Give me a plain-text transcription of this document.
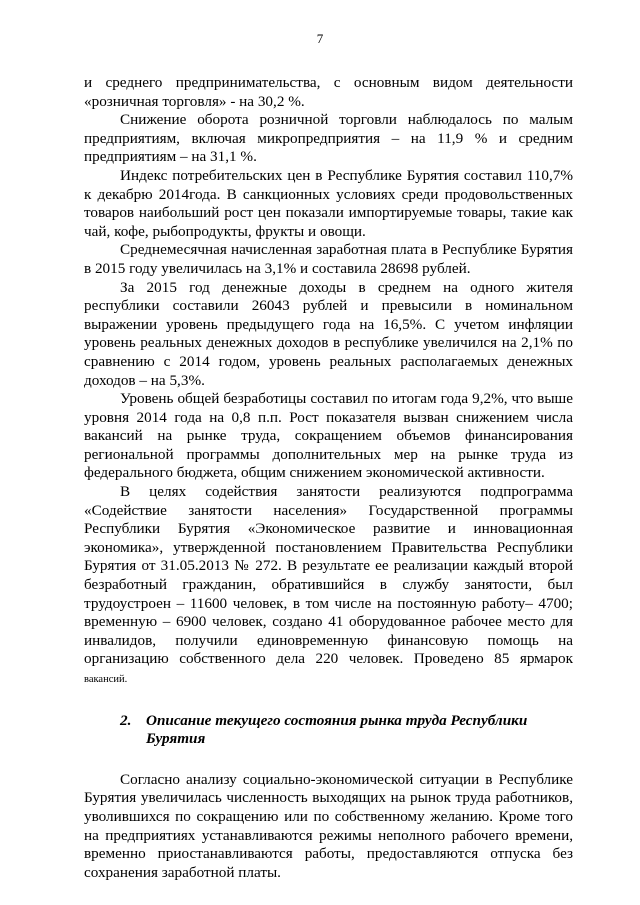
7

и среднего предпринимательства, с основным видом деятельности «розничная торговля» - на 30,2 %.

Снижение оборота розничной торговли наблюдалось по малым предприятиям, включая микропредприятия – на 11,9 % и средним предприятиям – на 31,1 %.

Индекс потребительских цен в Республике Бурятия составил 110,7% к декабрю 2014года. В санкционных условиях среди продовольственных товаров наибольший рост цен показали импортируемые товары, такие как чай, кофе, рыбопродукты, фрукты и овощи.

Среднемесячная начисленная заработная плата в Республике Бурятия в 2015 году увеличилась на 3,1% и составила 28698 рублей.

За 2015 год денежные доходы в среднем на одного жителя республики составили 26043 рублей и превысили в номинальном выражении уровень предыдущего года на 16,5%. С учетом инфляции уровень реальных денежных доходов в республике увеличился на 2,1% по сравнению с 2014 годом, уровень реальных располагаемых денежных доходов – на 5,3%.

Уровень общей безработицы составил по итогам года 9,2%, что выше уровня 2014 года на 0,8 п.п. Рост показателя вызван снижением числа вакансий на рынке труда, сокращением объемов финансирования региональной программы дополнительных мер на рынке труда из федерального бюджета, общим снижением экономической активности.

В целях содействия занятости реализуются подпрограмма «Содействие занятости населения» Государственной программы Республики Бурятия «Экономическое развитие и инновационная экономика», утвержденной постановлением Правительства Республики Бурятия от 31.05.2013 № 272. В результате ее реализации каждый второй безработный гражданин, обратившийся в службу занятости, был трудоустроен – 11600 человек, в том числе на постоянную работу– 4700; временную – 6900 человек, создано 41 оборудованное рабочее место для инвалидов, получили единовременную финансовую помощь на организацию собственного дела 220 человек. Проведено 85 ярмарок вакансий.

2. Описание текущего состояния рынка труда Республики
Бурятия

Согласно анализу социально-экономической ситуации в Республике Бурятия увеличилась численность выходящих на рынок труда работников, уволившихся по сокращению или по собственному желанию. Кроме того на предприятиях устанавливаются режимы неполного рабочего времени, временно приостанавливаются работы, предоставляются отпуска без сохранения заработной платы.
